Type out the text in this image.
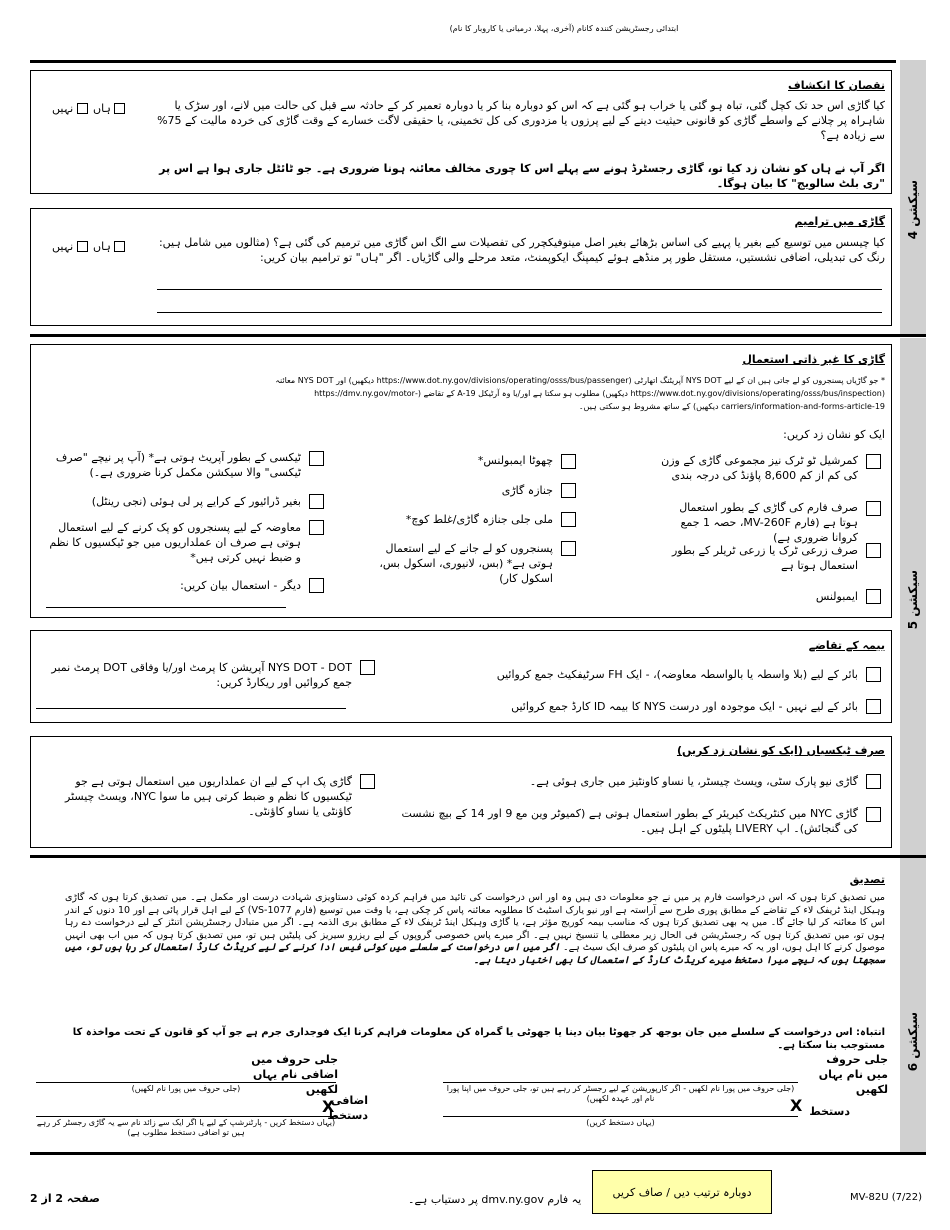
ابتدائی رجسٹریشن کنندہ کانام (آخری، پہلا، درمیانی یا کاروبار کا نام)
سیکشن 4
سیکشن 5
سیکشن 6
نقصان کا انکشاف
کیا گاڑی اس حد تک کچل گئی، تباہ ہو گئی یا خراب ہو گئی ہے کہ اس کو دوبارہ بنا کر یا دوبارہ تعمیر کر کے حادثہ سے قبل کی حالت میں لانے، اور سڑک یا شاہراہ پر چلانے کے واسطے گاڑی کو قانونی حیثیت دینے کے لیے پرزوں یا مزدوری کی کل تخمینی، یا حقیقی لاگت خسارے کے وقت گاڑی کی خردہ مالیت کے 75% سے زیادہ ہے؟
اگر آپ نے ہاں کو نشان زد کیا تو، گاڑی رجسٹرڈ ہونے سے پہلے اس کا چوری مخالف معائنہ ہونا ضروری ہے۔ جو ٹائٹل جاری ہوا ہے اس پر "ری بلٹ سالویج" کا بیان ہوگا۔
ہاں
نہیں
گاڑی میں ترامیم
کیا چیسس میں توسیع کیے بغیر یا پہیے کی اساس بڑھائے بغیر اصل مینوفیکچرر کی تفصیلات سے الگ اس گاڑی میں ترمیم کی گئی ہے؟ (مثالوں میں شامل ہیں: رنگ کی تبدیلی، اضافی نشستیں، مستقل طور پر منڈھے ہوئے کیمپنگ ایکوپمنٹ، متعد مرحلے والی گاڑیاں۔ اگر "ہاں" تو ترامیم بیان کریں:
ہاں
نہیں
گاڑی کا غیر ذاتی استعمال
* جو گاڑیاں پسنجروں کو لے جاتی ہیں ان کے لیے NYS DOT آپریٹنگ اتھارٹی (https://www.dot.ny.gov/divisions/operating/osss/bus/passenger دیکھیں) اور NYS DOT معائنہ
(https://www.dot.ny.gov/divisions/operating/osss/bus/inspection دیکھیں) مطلوب ہو سکتا ہے اور/یا وہ آرٹیکل A-19 کے تقاضے (-https://dmv.ny.gov/motor
carriers/information-and-forms-article-19 دیکھیں) کے ساتھ مشروط ہو سکتی ہیں۔
ایک کو نشان زد کریں:
کمرشیل ٹو ٹرک نیز مجموعی گاڑی کے وزن کی کم از کم 8,600 پاؤنڈ کی درجہ بندی
صرف فارم کی گاڑی کے بطور استعمال ہوتا ہے (فارم MV-260F، حصہ 1 جمع کروانا ضروری ہے)
صرف زرعی ٹرک یا زرعی ٹریلر کے بطور استعمال ہوتا ہے
ایمبولنس
چھوٹا ایمبولنس*
جنازہ گاڑی
ملی جلی جنازہ گاڑی/غلط کوچ*
پسنجروں کو لے جانے کے لیے استعمال ہوتی ہے* (بس، لانیوری، اسکول بس، اسکول کار)
ٹیکسی کے بطور آپریٹ ہوتی ہے* (آپ پر نیچے "صرف ٹیکسی" والا سیکشن مکمل کرنا ضروری ہے۔)
بغیر ڈرائیور کے کرایے پر لی ہوئی (نجی رینٹل)
معاوضہ کے لیے پسنجروں کو پک کرنے کے لیے استعمال ہوتی ہے صرف ان عملداریوں میں جو ٹیکسیوں کا نظم و ضبط نہیں کرتی ہیں*
دیگر - استعمال بیان کریں:
بیمہ کے تقاضے
بائر کے لیے (بلا واسطہ یا بالواسطہ معاوضہ)، - ایک FH سرٹیفکیٹ جمع کروائیں
بائر کے لیے نہیں - ایک موجودہ اور درست NYS کا بیمہ ID کارڈ جمع کروائیں
NYS DOT - DOT آپریشن کا پرمٹ اور/یا وفاقی DOT پرمٹ نمبر جمع کروائیں اور ریکارڈ کریں:
صرف ٹیکسیاں (ایک کو نشان زد کریں)
گاڑی نیو پارک سٹی، ویسٹ چیسٹر، یا نساو کاونٹیز میں جاری ہوئی ہے۔
گاڑی NYC میں کنٹریکٹ کیریئر کے بطور استعمال ہوتی ہے (کمیوٹر وین مع 9 اور 14 کے بیچ نشست کی گنجائش)۔ اپ LIVERY پلیٹوں کے اہل ہیں۔
گاڑی پک اپ کے لیے ان عملداریوں میں استعمال ہوتی ہے جو ٹیکسیوں کا نظم و ضبط کرتی ہیں ما سوا NYC، ویسٹ چیسٹر کاؤنٹی یا نساو کاؤنٹی۔
تصدیق
میں تصدیق کرتا ہوں کہ اس درخواست فارم پر میں نے جو معلومات دی ہیں وہ اور اس درخواست کی تائید میں فراہم کردہ کوئی دستاویزی شہادت درست اور مکمل ہے۔ میں تصدیق کرتا ہوں کہ گاڑی وہیکل اینڈ ٹریفک لاء کے تقاضے کے مطابق پوری طرح سے آراستہ ہے اور نیو یارک اسٹیٹ کا مطلوبہ معائنہ پاس کر چکی ہے، یا وقت میں توسیع (فارم VS-1077) کے لیے اہل قرار پائی ہے اور 10 دنوں کے اندر اس کا معائنہ کر لیا جائے گا۔ میں یہ بھی تصدیق کرتا ہوں کہ مناسب بیمہ کوریج مؤثر ہے، یا گاڑی وہیکل اینڈ ٹریفک لاء کے مطابق بری الذمہ ہے۔ اگر میں متبادل رجسٹریشن اتنٹز کے لیے درخواست دے رہا ہوں تو، میں تصدیق کرتا ہوں کہ رجسٹریشن فی الحال زیر معطلی یا تنسیخ نہیں ہے۔ اگر میرے پاس خصوصی گروپوں کے لیے ریزرو سیریز کی پلیٹیں ہیں تو، میں تصدیق کرتا ہوں کہ میں اب بھی انہیں موصول کرنے کا اہل ہوں، اور یہ کہ میرے پاس ان پلیٹوں کو صرف ایک سیٹ ہے۔ اگر میں اس درخواست کے سلسلے میں کوئی فیس ادا کرنے کے لیے کریڈٹ کارڈ استعمال کر رہا ہوں تو، میں سمجھتا ہوں کہ نیچے میرا دستخط میرے کریڈٹ کارڈ کے استعمال کا بھی اختیار دیتا ہے۔
انتباہ: اس درخواست کے سلسلے میں جان بوجھ کر جھوٹا بیان دینا یا جھوٹی یا گمراہ کن معلومات فراہم کرنا ایک فوجداری جرم ہے جو آپ کو قانون کے تحت مواخذہ کا مستوجب بنا سکتا ہے۔
جلی حروف میں نام یہاں لکھیں
(جلی حروف میں پورا نام لکھیں - اگر کارپوریشن کے لیے رجسٹر کر رہے ہیں تو، جلی حروف میں اپنا پورا نام اور عہدہ لکھیں)
جلی حروف میں اضافی نام یہاں لکھیں
(جلی حروف میں پورا نام لکھیں)
دستخط
X
(یہاں دستخط کریں)
اضافی دستخط
X
(یہاں دستخط کریں - پارٹنرشپ کے لیے یا اگر ایک سے زائد نام سے یہ گاڑی رجسٹر کر رہے ہیں تو اضافی دستخط مطلوب ہے)
صفحہ 2 از 2	یہ فارم dmv.ny.gov پر دستیاب ہے۔
دوبارہ ترتیب دیں / صاف کریں	MV-82U (7/22)
